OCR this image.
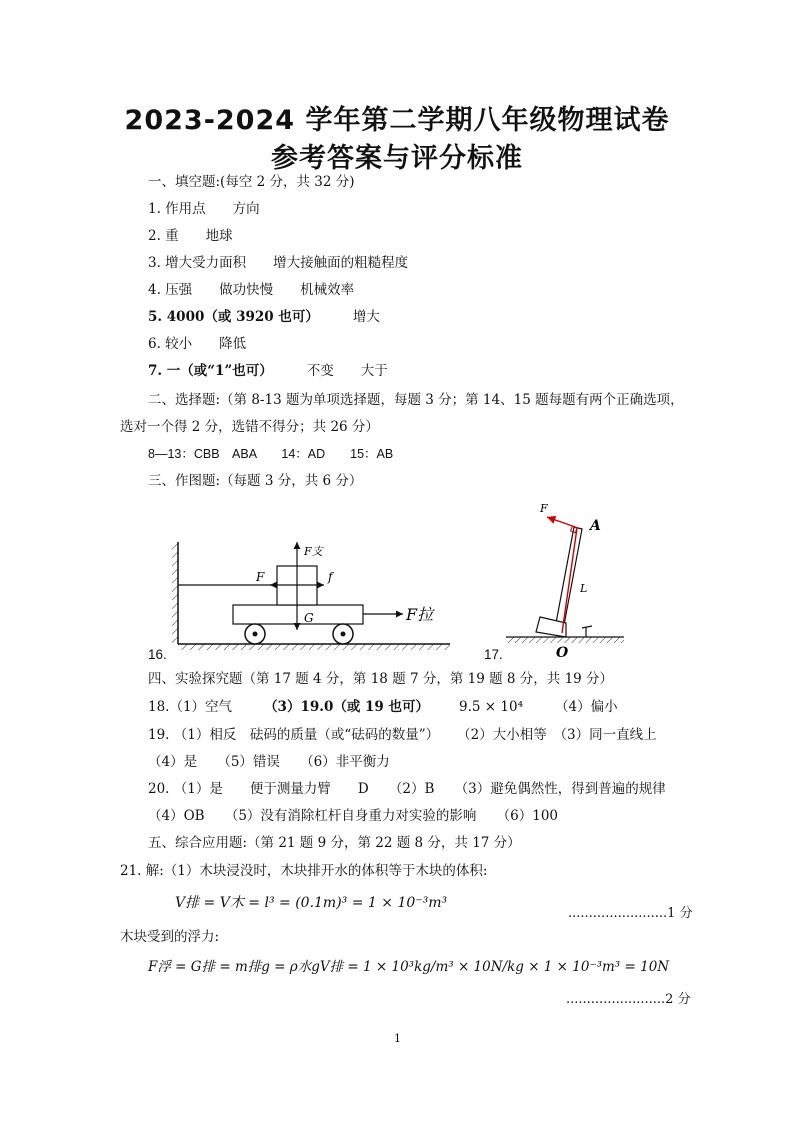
2023-2024 学年第二学期八年级物理试卷
参考答案与评分标准
一、填空题:(每空 2 分，共 32 分)
1. 作用点　　方向
2. 重　　地球
3. 增大受力面积　　增大接触面的粗糙程度
4. 压强　　做功快慢　　机械效率
5. 4000（或 3920 也可）	增大
6. 较小　　降低
7. 一（或“1”也可）	不变　　大于
二、选择题:（第 8-13 题为单项选择题，每题 3 分；第 14、15 题每题有两个正确选项，
选对一个得 2 分，选错不得分；共 26 分）
8—13：CBB　ABA　　14：AD　　15：AB
三、作图题:（每题 3 分，共 6 分）
F支
F	f
G	F拉
16.
F
A
L
O
17.
四、实验探究题（第 17 题 4 分，第 18 题 7 分，第 19 题 8 分，共 19 分）
18.（1）空气 （3）19.0（或 19 也可） 9.5 × 10⁴ （4）偏小
19. （1）相反　砝码的质量（或“砝码的数量”） （2）大小相等　（3）同一直线上
（4）是　　（5）错误　　（6）非平衡力
20. （1）是　　便于测量力臂　　D　　（2）B　　（3）避免偶然性，得到普遍的规律
（4）OB　　（5）没有消除杠杆自身重力对实验的影响　　（6）100
五、综合应用题:（第 21 题 9 分，第 22 题 8 分，共 17 分）
21. 解:（1）木块浸没时，木块排开水的体积等于木块的体积:
V排 = V木 = l³ = (0.1m)³ = 1 × 10⁻³m³
........................1 分
木块受到的浮力:
F浮 = G排 = m排g = ρ水gV排 = 1 × 10³kg/m³ × 10N/kg × 1 × 10⁻³m³ = 10N
........................2 分
1
